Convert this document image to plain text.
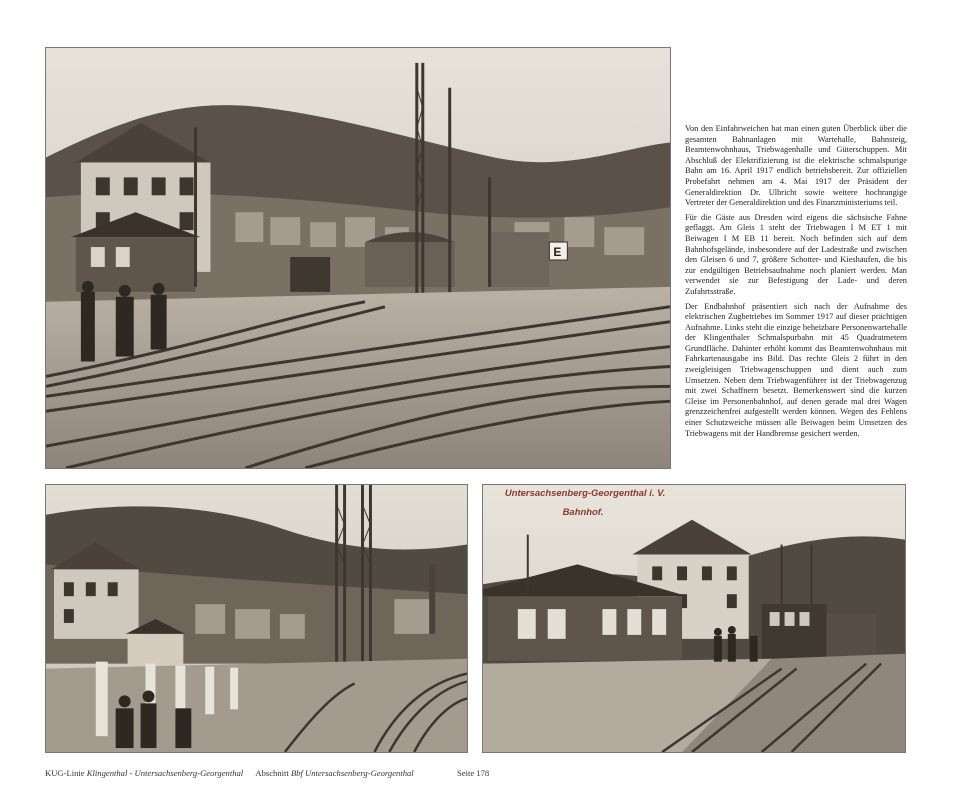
E

Von den Einfahrweichen hat man einen guten Überblick über die gesamten Bahnanlagen mit Wartehalle, Bahnsteig, Beamtenwohnhaus, Triebwagenhalle und Güterschuppen. Mit Abschluß der Elektrifizierung ist die elektrische schmalspurige Bahn am 16. April 1917 endlich betriebsbereit. Zur offiziellen Probefahrt nehmen am 4. Mai 1917 der Präsident der Generaldirektion Dr. Ulbricht sowie weitere hochrangige Vertreter der Generaldirektion und des Finanzministeriums teil.

Für die Gäste aus Dresden wird eigens die sächsische Fahne geflaggt. Am Gleis 1 steht der Triebwagen I M ET 1 mit Beiwagen I M EB 11 bereit. Noch befinden sich auf dem Bahnhofsgelände, insbesondere auf der Ladestraße und zwischen den Gleisen 6 und 7, größere Schotter- und Kieshaufen, die bis zur endgültigen Betriebsaufnahme noch planiert werden. Man verwendet sie zur Befestigung der Lade- und deren Zufahrtsstraße.

Der Endbahnhof präsentiert sich nach der Aufnahme des elektrischen Zugbetriebes im Sommer 1917 auf dieser prächtigen Aufnahme. Links steht die einzige beheizbare Personenwartehalle der Klingenthaler Schmalspurbahn mit 45 Quadratmetern Grundfläche. Dahinter erhöht kommt das Beamtenwohnhaus mit Fahrkartenausgabe ins Bild. Das rechte Gleis 2 führt in den zweigleisigen Triebwagenschuppen und dient auch zum Umsetzen. Neben dem Triebwagenführer ist der Triebwagenzug mit zwei Schaffnern besetzt. Bemerkenswert sind die kurzen Gleise im Personenbahnhof, auf denen gerade mal drei Wagen grenzzeichenfrei aufgestellt werden können. Wegen des Fehlens einer Schutzweiche müssen alle Beiwagen beim Umsetzen des Triebwagens mit der Handbremse gesichert werden.

Untersachsenberg-Georgenthal i. V.
Bahnhof.
KUG-Linie Klingenthal - Untersachsenberg-Georgenthal Abschnitt Bbf Untersachsenberg-Georgenthal	Seite 178
